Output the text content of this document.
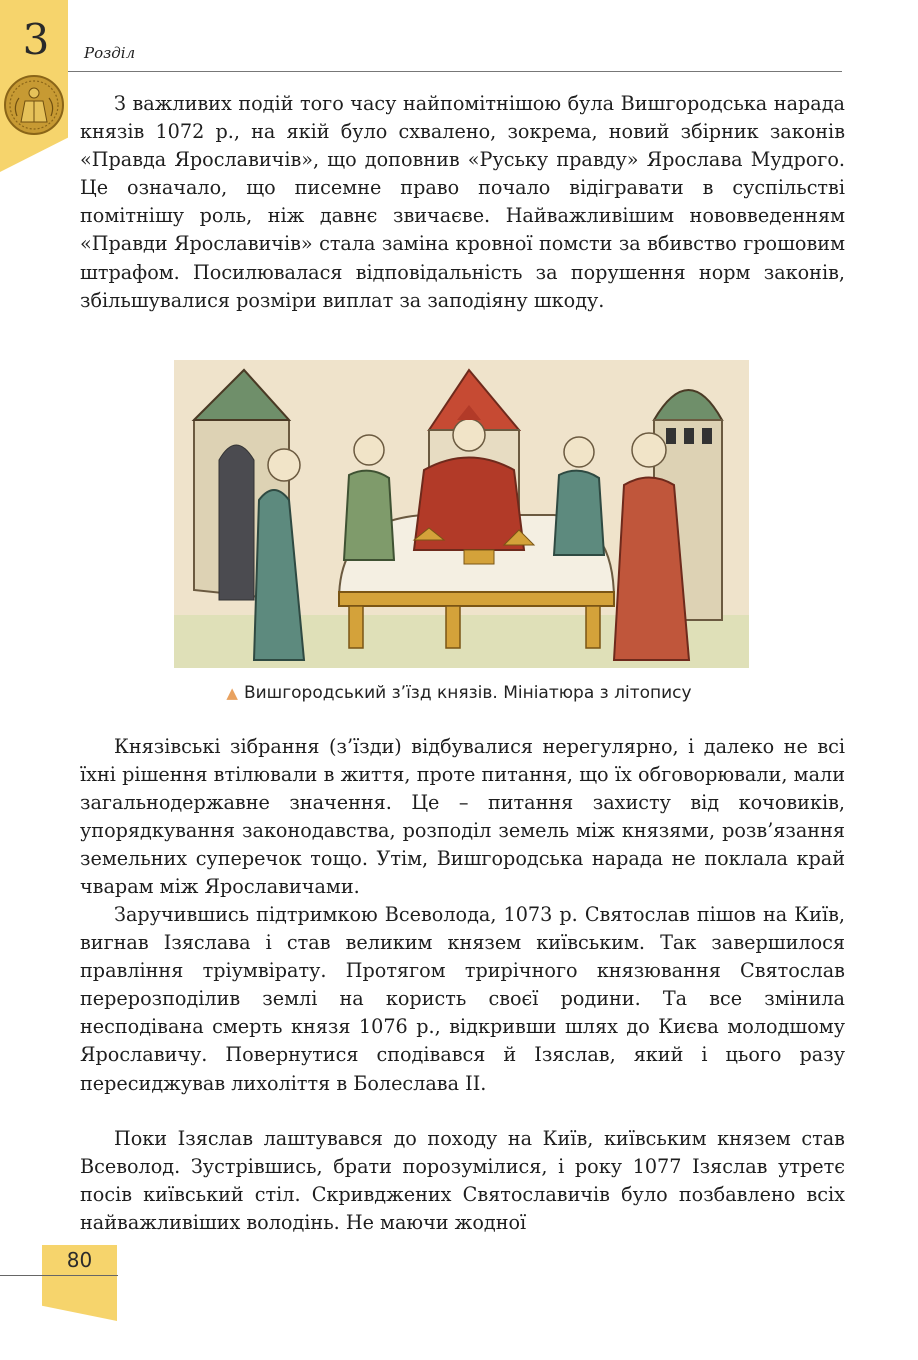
3	Розділ

З важливих подій того часу найпомітнішою була Вишгородська нарада князів 1072 р., на якій було схвалено, зокрема, новий збірник законів «Правда Ярославичів», що доповнив «Руську правду» Ярослава Мудрого. Це означало, що писемне право почало відігравати в суспільстві помітнішу роль, ніж давнє звичаєве. Найважливішим нововведенням «Правди Ярославичів» стала заміна кровної помсти за вбивство грошовим штрафом. Посилювалася відповідальність за порушення норм законів, збільшувалися розміри виплат за заподіяну шкоду.

▲ Вишгородський з’їзд князів. Мініатюра з літопису

Князівські зібрання (з’їзди) відбувалися нерегулярно, і далеко не всі їхні рішення втілювали в життя, проте питання, що їх обговорювали, мали загальнодержавне значення. Це – питання захисту від кочовиків, упорядкування законодавства, розподіл земель між князями, розв’язання земельних суперечок тощо. Утім, Вишгородська нарада не поклала край чварам між Ярославичами.

Заручившись підтримкою Всеволода, 1073 р. Святослав пішов на Київ, вигнав Ізяслава і став великим князем київським. Так завершилося правління тріумвірату. Протягом трирічного князювання Святослав перерозподілив землі на користь своєї родини. Та все змінила несподівана смерть князя 1076 р., відкривши шлях до Києва молодшому Ярославичу. Повернутися сподівався й Ізяслав, який і цього разу пересиджував лихоліття в Болеслава ІІ.

Поки Ізяслав лаштувався до походу на Київ, київським князем став Всеволод. Зустрівшись, брати порозумілися, і року 1077 Ізяслав утретє посів київський стіл. Скривджених Святославичів було позбавлено всіх найважливіших володінь. Не маючи жодної

80
